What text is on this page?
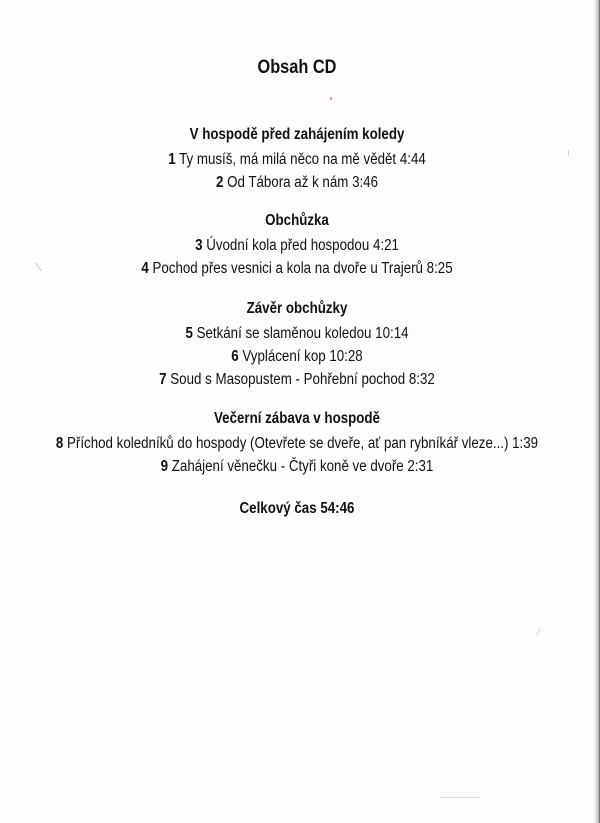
Obsah CD
V hospodě před zahájením koledy
1 Ty musíš, má milá něco na mě vědět 4:44
2 Od Tábora až k nám 3:46
Obchůzka
3 Úvodní kola před hospodou 4:21
4 Pochod přes vesnici a kola na dvoře u Trajerů 8:25
Závěr obchůzky
5 Setkání se slaměnou koledou 10:14
6 Vyplácení kop 10:28
7 Soud s Masopustem - Pohřební pochod 8:32
Večerní zábava v hospodě
8 Příchod koledníků do hospody (Otevřete se dveře, ať pan rybníkář vleze...) 1:39
9 Zahájení věnečku - Čtyři koně ve dvoře 2:31
Celkový čas 54:46
